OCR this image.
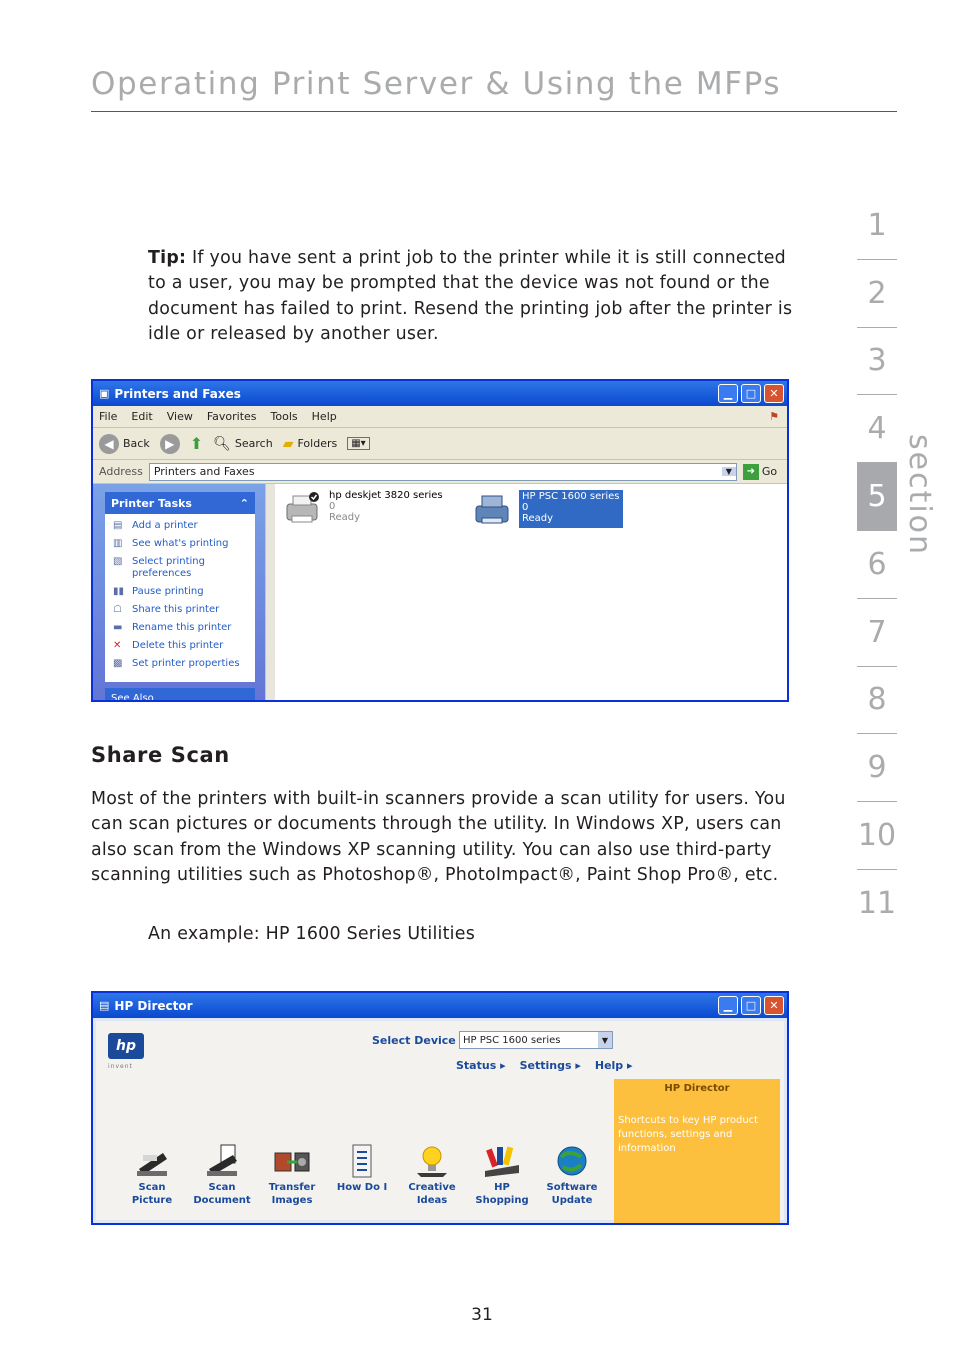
Operating Print Server & Using the MFPs

Tip: If you have sent a print job to the printer while it is still connected to a user, you may be prompted that the device was not found or the document has failed to print. Resend the printing job after the printer is idle or released by another user.

1
2
3
4
5
6
7
8
9
10
11
section
▣ Printers and Faxes	▁	□	✕
File Edit View Favorites Tools Help	⚑
◀ Back	▶ ⬆ 🔍︎ Search ▰ Folders	▦▾
Address Printers and Faxes	▼	➜ Go
Printer Tasks	⌃
▤ Add a printer
▥ See what's printing
▧ Select printing preferences
▮▮ Pause printing
☖	Share this printer
▬ Rename this printer
✕	Delete this printer
▩ Set printer properties
See Also
hp deskjet 3820 series
0
Ready
HP PSC 1600 series
0
Ready
Share Scan

Most of the printers with built-in scanners provide a scan utility for users. You can scan pictures or documents through the utility. In Windows XP, users can also scan from the Windows XP scanning utility. You can also use third-party scanning utilities such as Photoshop®, PhotoImpact®, Paint Shop Pro®, etc.

An example: HP 1600 Series Utilities

▤ HP Director	▁	□	✕
hp
invent
Select Device HP PSC 1600 series	▼
Status ▸ Settings ▸ Help ▸
HP Director
Shortcuts to key HP product functions, settings and information
Scan
Picture
Scan
Document
Transfer
Images
How Do I Creative
Ideas
HP
Shopping
Software
Update
31
